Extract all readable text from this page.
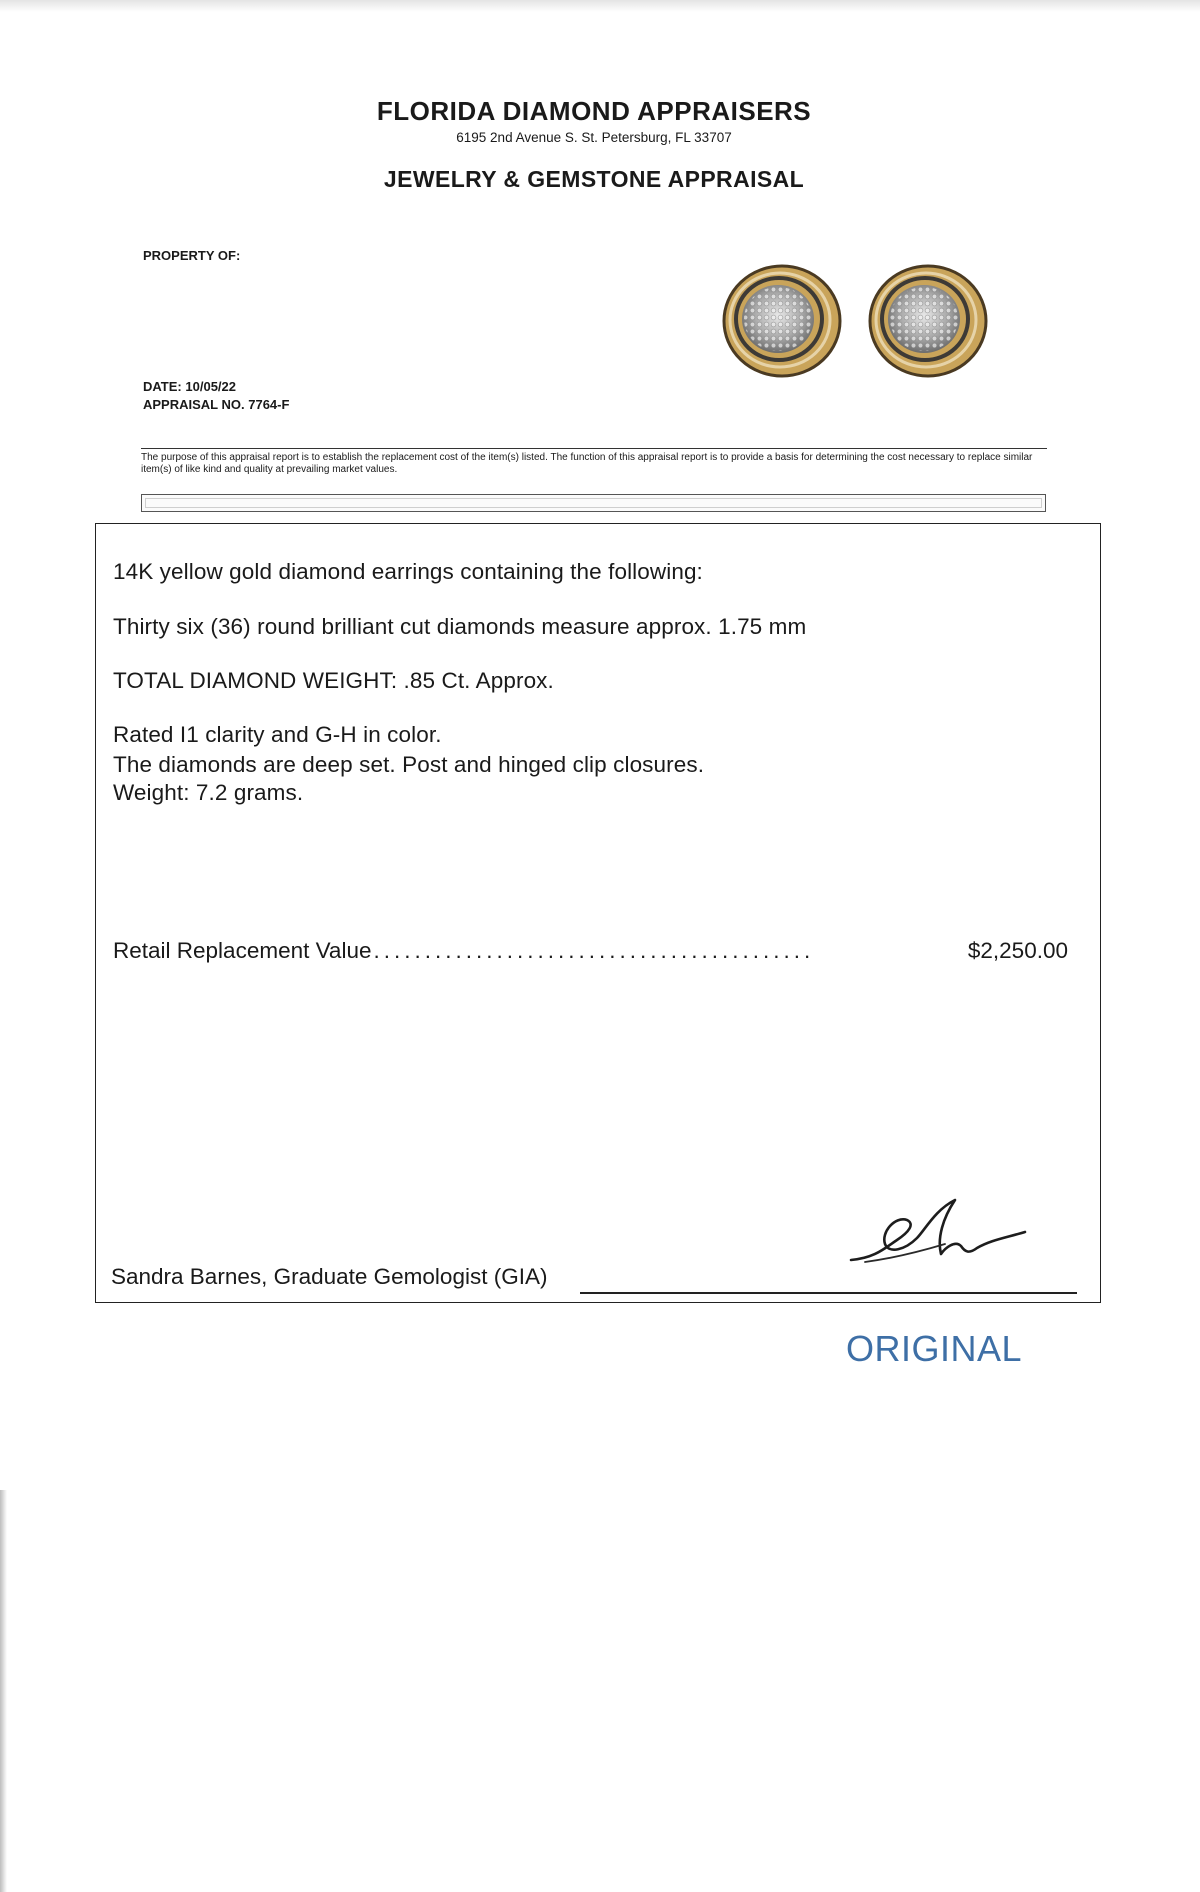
FLORIDA DIAMOND APPRAISERS
6195 2nd Avenue S. St. Petersburg, FL 33707
JEWELRY & GEMSTONE APPRAISAL
PROPERTY OF:
DATE: 10/05/22
APPRAISAL NO. 7764-F
The purpose of this appraisal report is to establish the replacement cost of the item(s) listed. The function of this appraisal report is to provide a basis for determining the cost necessary to replace similar item(s) of like kind and quality at prevailing market values.
14K yellow gold diamond earrings containing the following:
Thirty six (36) round brilliant cut diamonds measure approx. 1.75 mm
TOTAL DIAMOND WEIGHT: .85 Ct. Approx.
Rated I1 clarity and G-H in color.
The diamonds are deep set. Post and hinged clip closures.
Weight: 7.2 grams.
Retail Replacement Value ...........................................	$2,250.00
Sandra Barnes, Graduate Gemologist (GIA)
ORIGINAL
